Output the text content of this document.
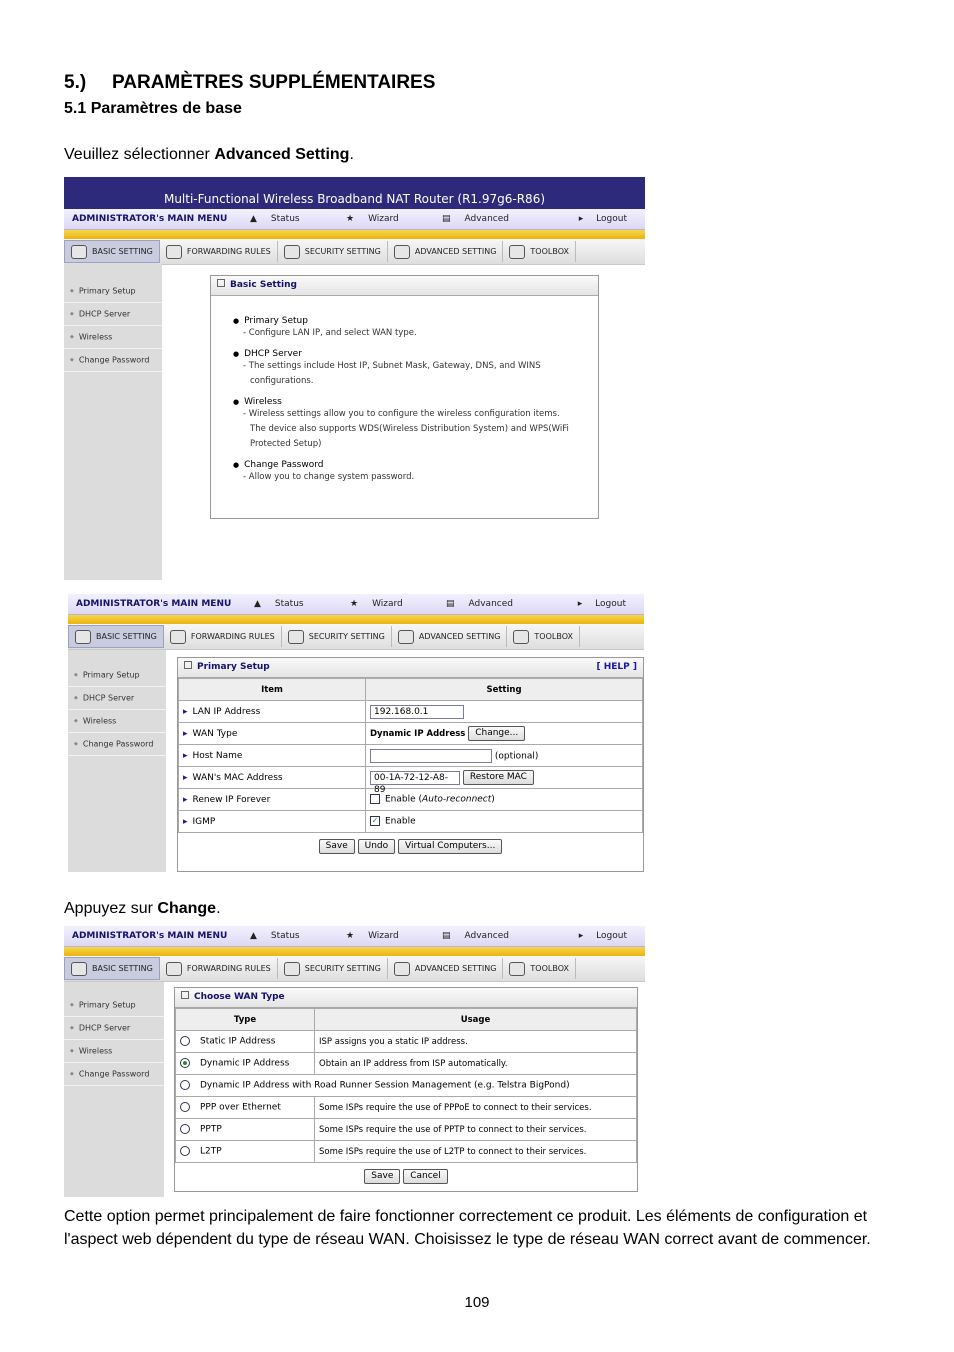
5.) PARAMÈTRES SUPPLÉMENTAIRES
5.1 Paramètres de base
Veuillez sélectionner Advanced Setting.
Multi-Functional Wireless Broadband NAT Router (R1.97g6-R86)
ADMINISTRATOR's MAIN MENU	▲ Status	★ Wizard	▤ Advanced	▸ Logout
BASIC SETTING	FORWARDING RULES	SECURITY SETTING	ADVANCED SETTING	TOOLBOX
◆ Primary Setup
◆ DHCP Server
◆ Wireless
◆ Change Password
Basic Setting
● Primary Setup
- Configure LAN IP, and select WAN type.
● DHCP Server
- The settings include Host IP, Subnet Mask, Gateway, DNS, and WINS
configurations.
● Wireless
- Wireless settings allow you to configure the wireless configuration items.
The device also supports WDS(Wireless Distribution System) and WPS(WiFi
Protected Setup)
● Change Password
- Allow you to change system password.
ADMINISTRATOR's MAIN MENU	▲ Status	★ Wizard	▤ Advanced	▸ Logout
BASIC SETTING	FORWARDING RULES	SECURITY SETTING	ADVANCED SETTING	TOOLBOX
◆ Primary Setup
◆ DHCP Server
◆ Wireless
◆ Change Password
Primary Setup	[ HELP ]
Item	Setting
▸ LAN IP Address	192.168.0.1
▸ WAN Type	Dynamic IP Address Change...
▸ Host Name	(optional)
▸ WAN's MAC Address	00-1A-72-12-A8-89 Restore MAC
▸ Renew IP Forever	Enable (Auto-reconnect)
▸ IGMP	✓ Enable
Save Undo Virtual Computers...
Appuyez sur Change.
ADMINISTRATOR's MAIN MENU	▲ Status	★ Wizard	▤ Advanced	▸ Logout
BASIC SETTING	FORWARDING RULES	SECURITY SETTING	ADVANCED SETTING	TOOLBOX
◆ Primary Setup
◆ DHCP Server
◆ Wireless
◆ Change Password
Choose WAN Type
Type	Usage
Static IP Address	ISP assigns you a static IP address.
Dynamic IP Address	Obtain an IP address from ISP automatically.
Dynamic IP Address with Road Runner Session Management (e.g. Telstra BigPond)	
PPP over Ethernet	Some ISPs require the use of PPPoE to connect to their services.
PPTP	Some ISPs require the use of PPTP to connect to their services.
L2TP	Some ISPs require the use of L2TP to connect to their services.
Save Cancel
Cette option permet principalement de faire fonctionner correctement ce produit. Les éléments de configuration et l'aspect web dépendent du type de réseau WAN. Choisissez le type de réseau WAN correct avant de commencer.
109
